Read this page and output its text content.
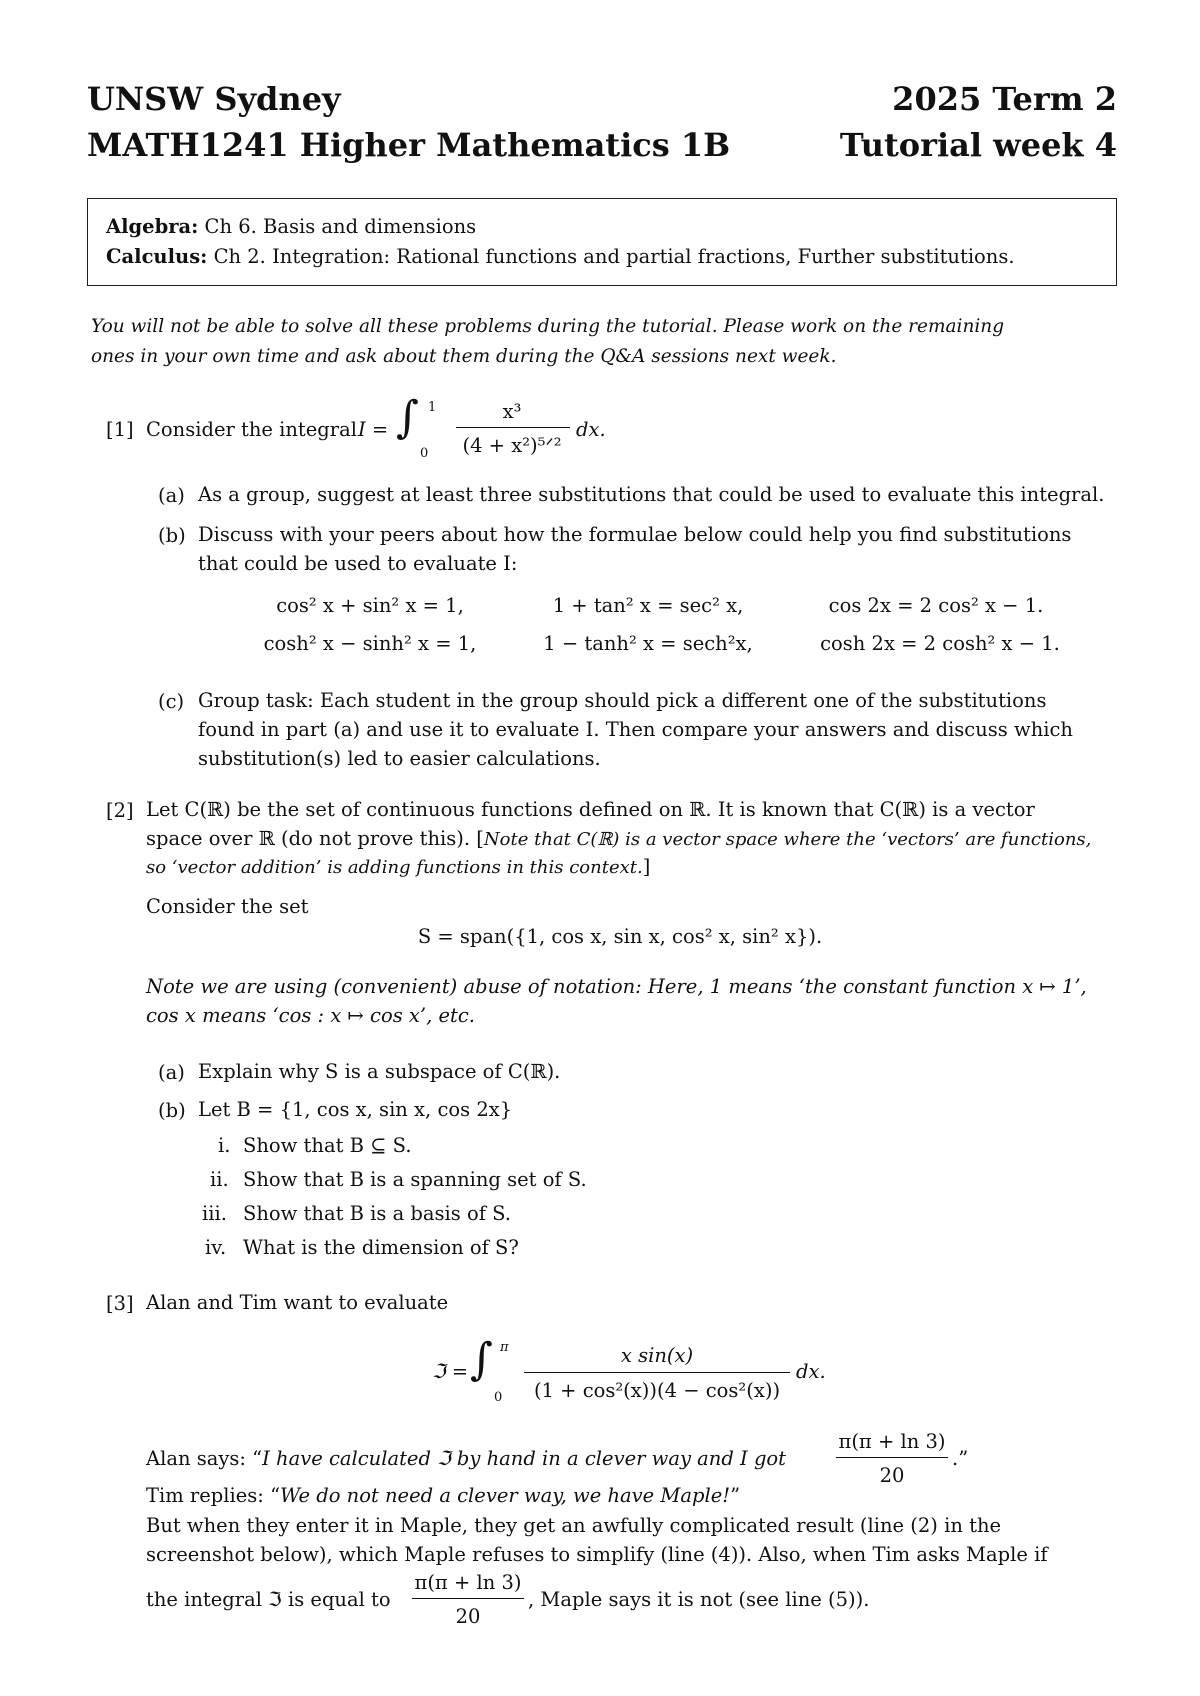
UNSW Sydney
MATH1241 Higher Mathematics 1B
2025 Term 2
Tutorial week 4
Algebra: Ch 6. Basis and dimensions
Calculus: Ch 2. Integration: Rational functions and partial fractions, Further substitutions.
You will not be able to solve all these problems during the tutorial. Please work on the remaining
ones in your own time and ask about them during the Q&A sessions next week.
[1] Consider the integral I = ∫ 1
0
x³
(4 + x²)⁵ᐟ²
dx.
(a) As a group, suggest at least three substitutions that could be used to evaluate this integral.
(b) Discuss with your peers about how the formulae below could help you find substitutions
that could be used to evaluate I:
cos² x + sin² x = 1,	1 + tan² x = sec² x,	cos 2x = 2 cos² x − 1.
cosh² x − sinh² x = 1,	1 − tanh² x = sech²x,	cosh 2x = 2 cosh² x − 1.
(c) Group task: Each student in the group should pick a different one of the substitutions
found in part (a) and use it to evaluate I. Then compare your answers and discuss which
substitution(s) led to easier calculations.
[2] Let C(ℝ) be the set of continuous functions defined on ℝ. It is known that C(ℝ) is a vector
space over ℝ (do not prove this). [Note that C(ℝ) is a vector space where the ‘vectors’ are functions,
so ‘vector addition’ is adding functions in this context.]
Consider the set
S = span({1, cos x, sin x, cos² x, sin² x}).
Note we are using (convenient) abuse of notation: Here, 1 means ‘the constant function x ↦ 1’,
cos x means ‘cos : x ↦ cos x’, etc.
(a) Explain why S is a subspace of C(ℝ).
(b) Let B = {1, cos x, sin x, cos 2x}
i. Show that B ⊆ S.
ii. Show that B is a spanning set of S.
iii. Show that B is a basis of S.
iv. What is the dimension of S?
[3] Alan and Tim want to evaluate
ℑ = ∫ π
0
x sin(x)
(1 + cos²(x))(4 − cos²(x))
dx.
Alan says: “I have calculated ℑ by hand in a clever way and I got
π(π + ln 3)
20
.”
Tim replies: “We do not need a clever way, we have Maple!”
But when they enter it in Maple, they get an awfully complicated result (line (2) in the
screenshot below), which Maple refuses to simplify (line (4)). Also, when Tim asks Maple if
the integral ℑ is equal to
π(π + ln 3)
20
, Maple says it is not (see line (5)).
